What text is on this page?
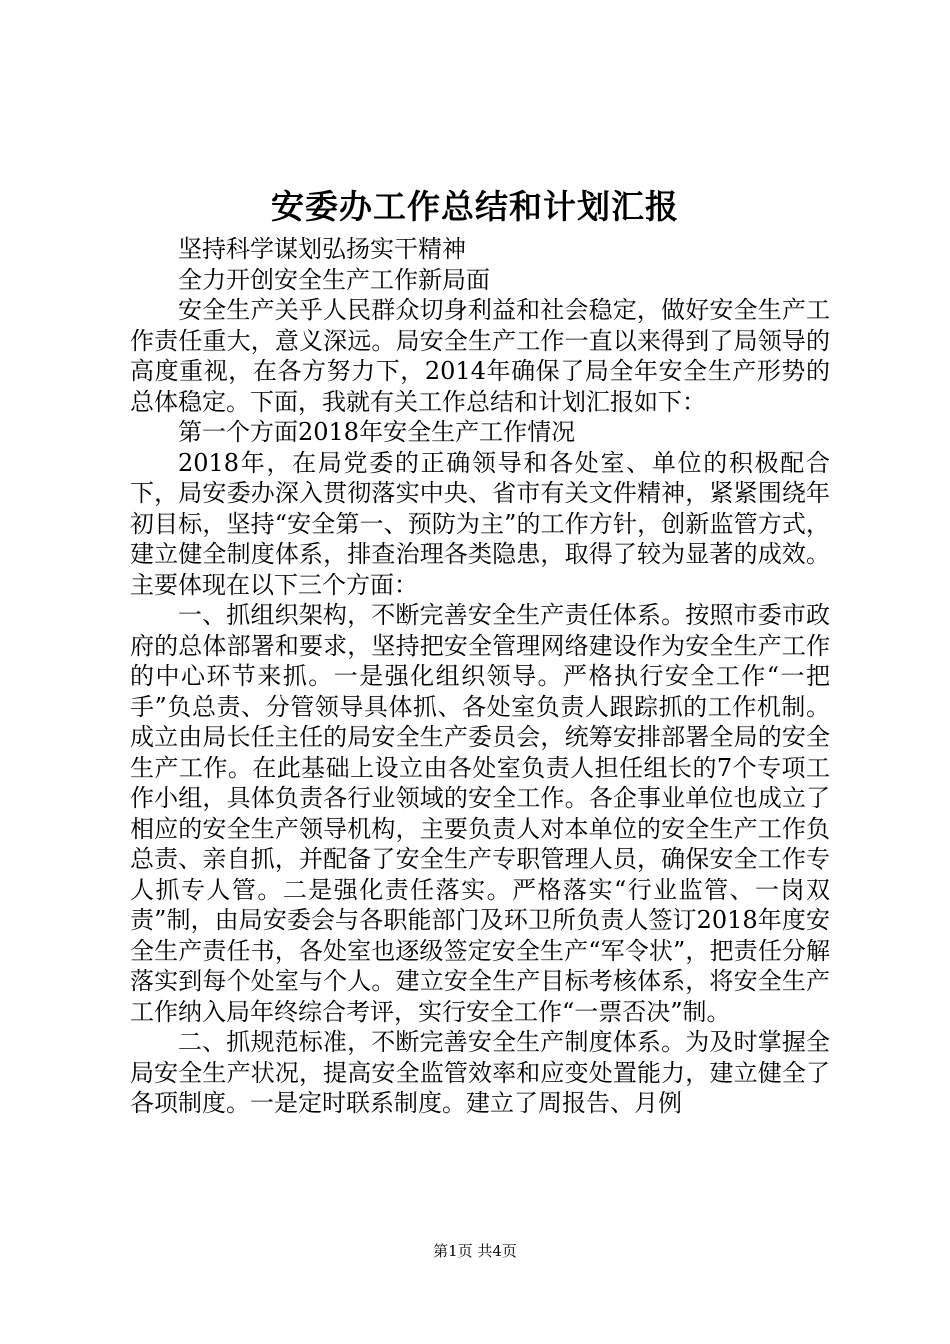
安委办工作总结和计划汇报

坚持科学谋划弘扬实干精神

全力开创安全生产工作新局面

安全生产关乎人民群众切身利益和社会稳定，做好安全生产工作责任重大，意义深远。局安全生产工作一直以来得到了局领导的高度重视，在各方努力下，2014年确保了局全年安全生产形势的总体稳定。下面，我就有关工作总结和计划汇报如下：

第一个方面2018年安全生产工作情况

2018年，在局党委的正确领导和各处室、单位的积极配合下，局安委办深入贯彻落实中央、省市有关文件精神，紧紧围绕年初目标，坚持“安全第一、预防为主”的工作方针，创新监管方式，建立健全制度体系，排查治理各类隐患，取得了较为显著的成效。主要体现在以下三个方面：

一、抓组织架构，不断完善安全生产责任体系。按照市委市政府的总体部署和要求，坚持把安全管理网络建设作为安全生产工作的中心环节来抓。一是强化组织领导。严格执行安全工作“一把手”负总责、分管领导具体抓、各处室负责人跟踪抓的工作机制。成立由局长任主任的局安全生产委员会，统筹安排部署全局的安全生产工作。在此基础上设立由各处室负责人担任组长的7个专项工作小组，具体负责各行业领域的安全工作。各企事业单位也成立了相应的安全生产领导机构，主要负责人对本单位的安全生产工作负总责、亲自抓，并配备了安全生产专职管理人员，确保安全工作专人抓专人管。二是强化责任落实。严格落实“行业监管、一岗双责”制，由局安委会与各职能部门及环卫所负责人签订2018年度安全生产责任书，各处室也逐级签定安全生产“军令状”，把责任分解落实到每个处室与个人。建立安全生产目标考核体系，将安全生产工作纳入局年终综合考评，实行安全工作“一票否决”制。

二、抓规范标准，不断完善安全生产制度体系。为及时掌握全局安全生产状况，提高安全监管效率和应变处置能力，建立健全了各项制度。一是定时联系制度。建立了周报告、月例

第1页 共4页
